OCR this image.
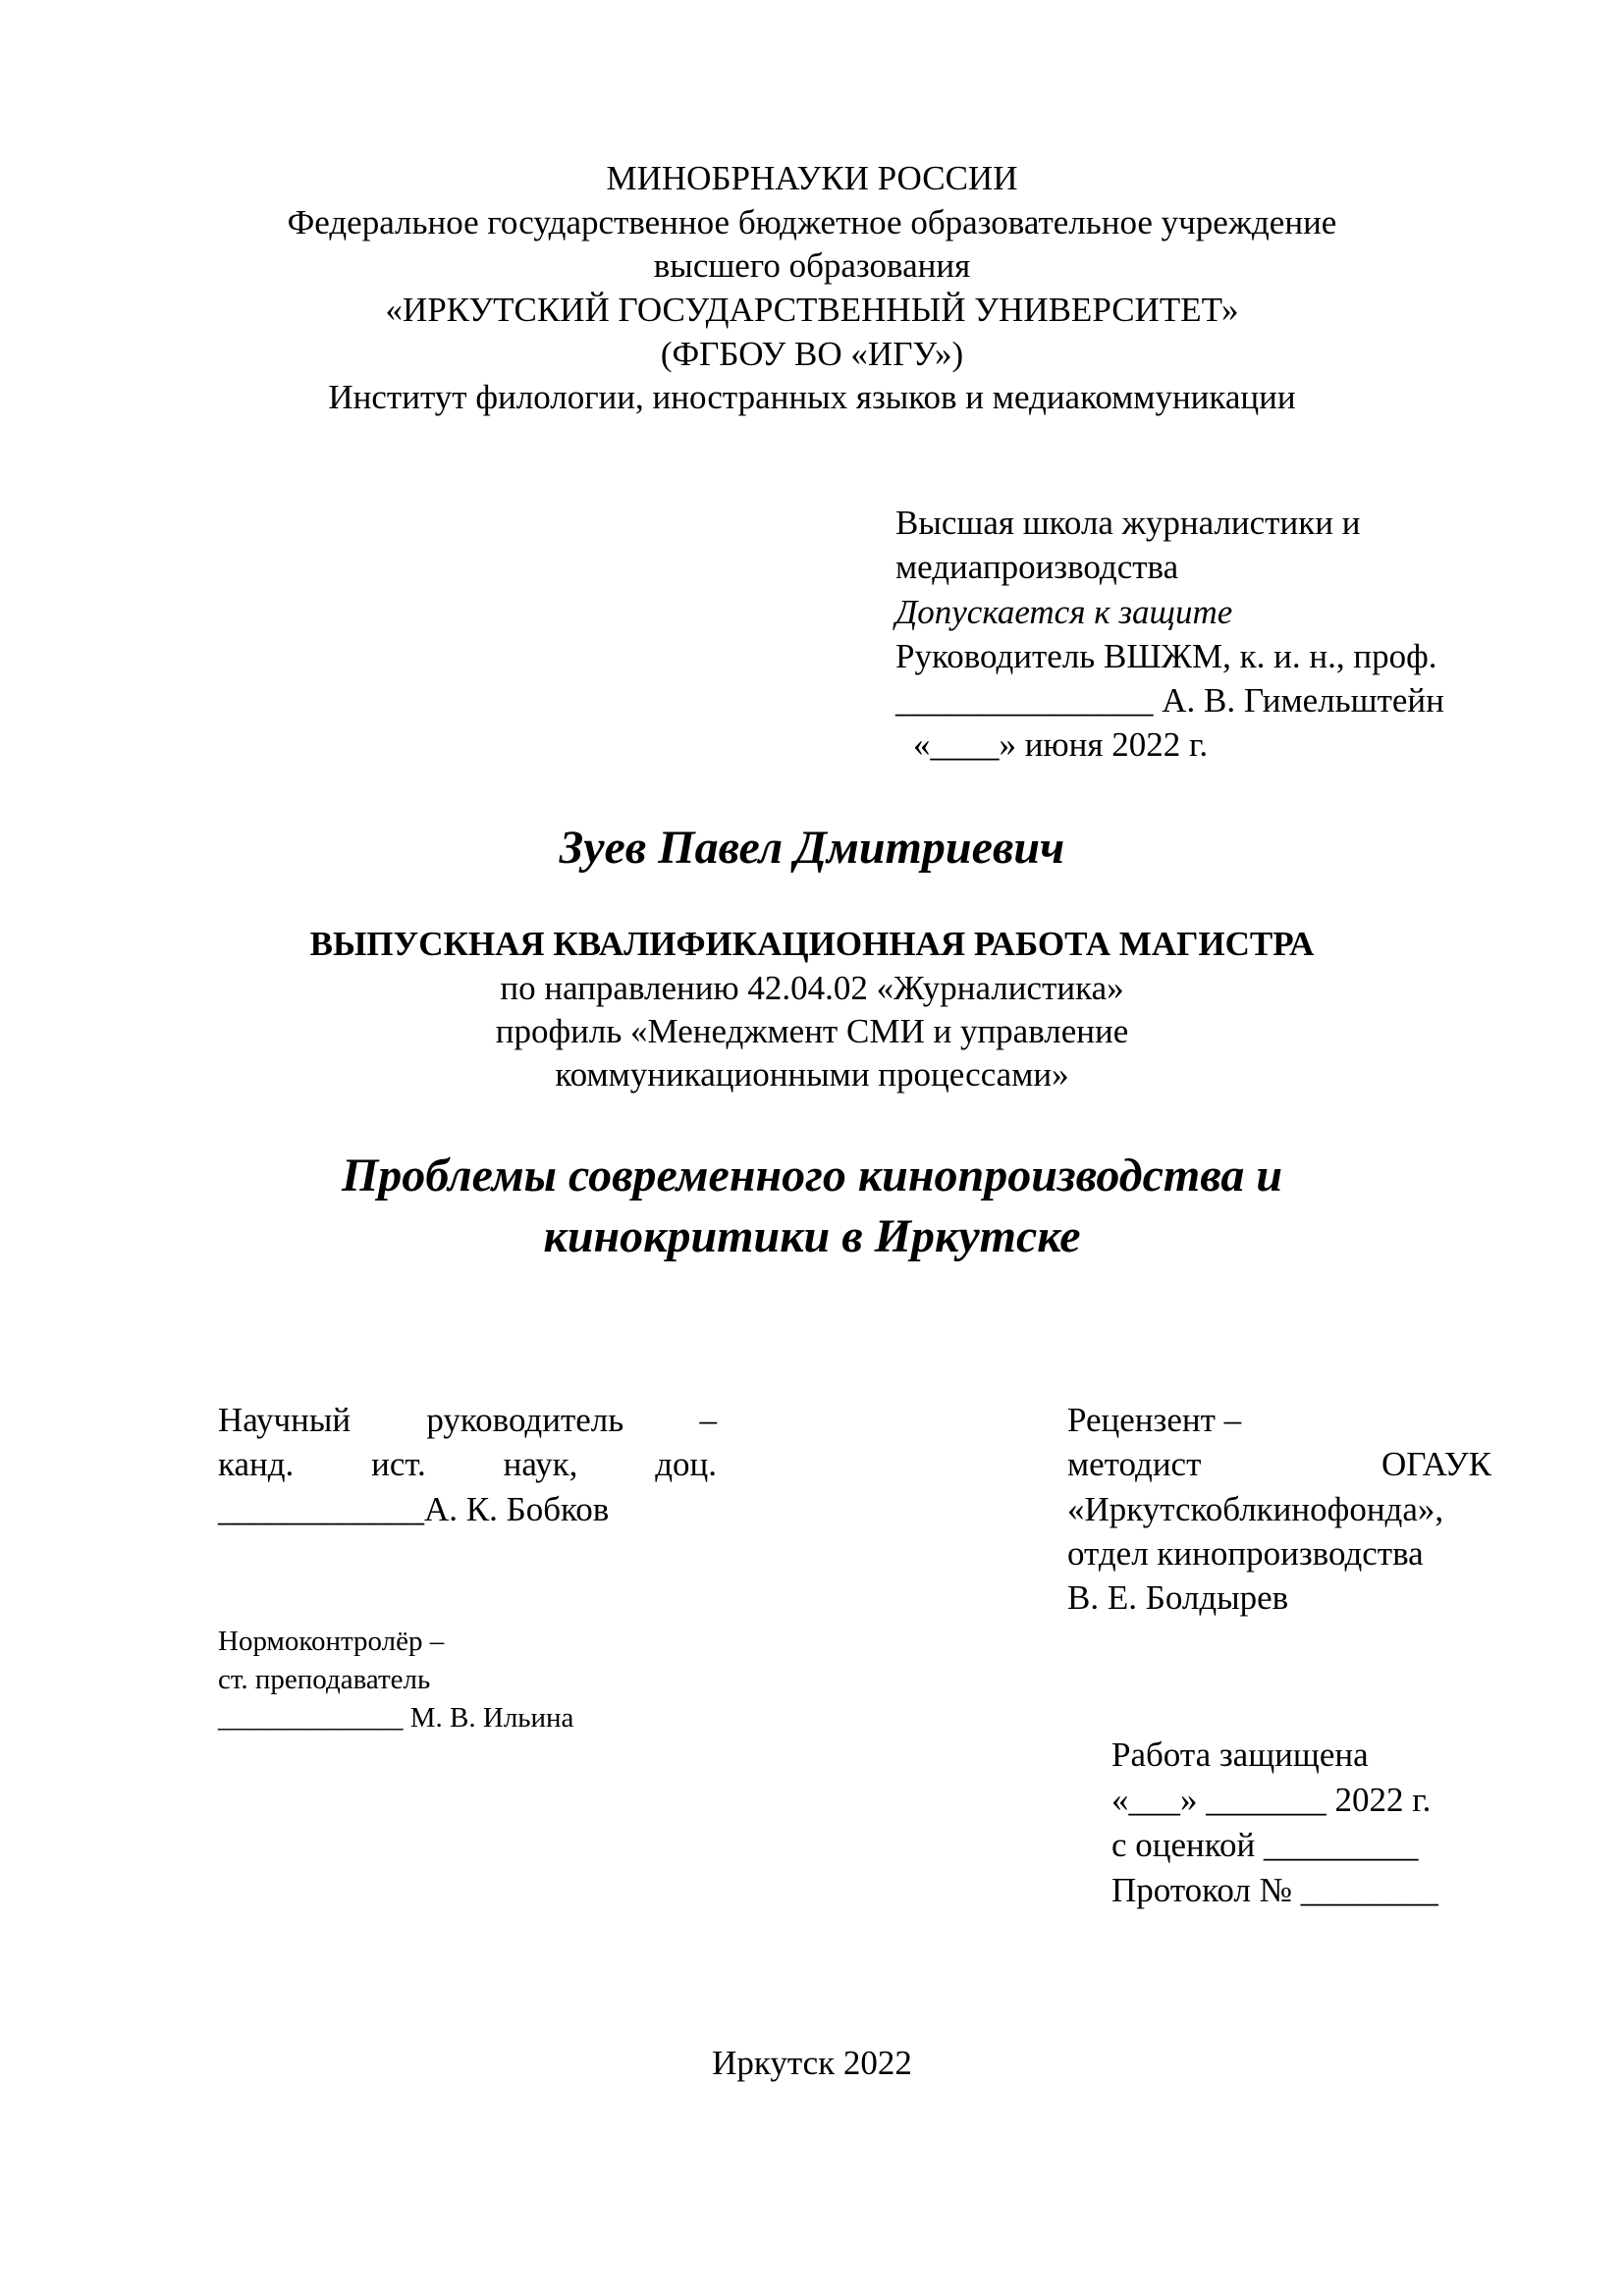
МИНОБРНАУКИ РОССИИ
Федеральное государственное бюджетное образовательное учреждение
высшего образования
«ИРКУТСКИЙ ГОСУДАРСТВЕННЫЙ УНИВЕРСИТЕТ»
(ФГБОУ ВО «ИГУ»)
Институт филологии, иностранных языков и медиакоммуникации
Высшая школа журналистики и
медиапроизводства
Допускается к защите
Руководитель ВШЖМ, к. и. н., проф.
_______________ А. В. Гимельштейн
«____» июня 2022 г.
Зуев Павел Дмитриевич
ВЫПУСКНАЯ КВАЛИФИКАЦИОННАЯ РАБОТА МАГИСТРА
по направлению 42.04.02 «Журналистика»
профиль «Менеджмент СМИ и управление
коммуникационными процессами»
Проблемы современного кинопроизводства и
кинокритики в Иркутске
Научный руководитель –
канд. ист. наук, доц.
____________А. К. Бобков
Рецензент –
методист ОГАУК
«Иркутскоблкинофонда»,
отдел кинопроизводства
В. Е. Болдырев
Нормоконтролёр –
ст. преподаватель
_____________ М. В. Ильина
Работа защищена
«___» _______ 2022 г.
с оценкой _________
Протокол № ________
Иркутск 2022
